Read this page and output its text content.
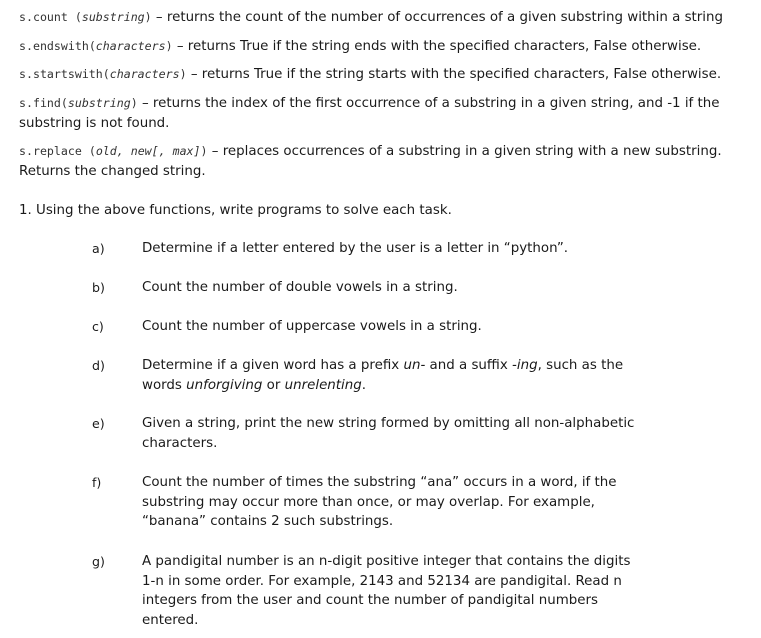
s.count (substring) – returns the count of the number of occurrences of a given substring within a string
s.endswith(characters) – returns True if the string ends with the specified characters, False otherwise.
s.startswith(characters) – returns True if the string starts with the specified characters, False otherwise.
s.find(substring) – returns the index of the first occurrence of a substring in a given string, and -1 if the substring is not found.
s.replace (old, new[, max]) – replaces occurrences of a substring in a given string with a new substring. Returns the changed string.
1. Using the above functions, write programs to solve each task.
a)	Determine if a letter entered by the user is a letter in “python”.
b)	Count the number of double vowels in a string.
c)	Count the number of uppercase vowels in a string.
d)	Determine if a given word has a prefix un- and a suffix -ing, such as the words unforgiving or unrelenting.
e)	Given a string, print the new string formed by omitting all non-alphabetic characters.
f)	Count the number of times the substring “ana” occurs in a word, if the substring may occur more than once, or may overlap. For example, “banana” contains 2 such substrings.
g)	A pandigital number is an n-digit positive integer that contains the digits 1-n in some order. For example, 2143 and 52134 are pandigital. Read n integers from the user and count the number of pandigital numbers entered.
